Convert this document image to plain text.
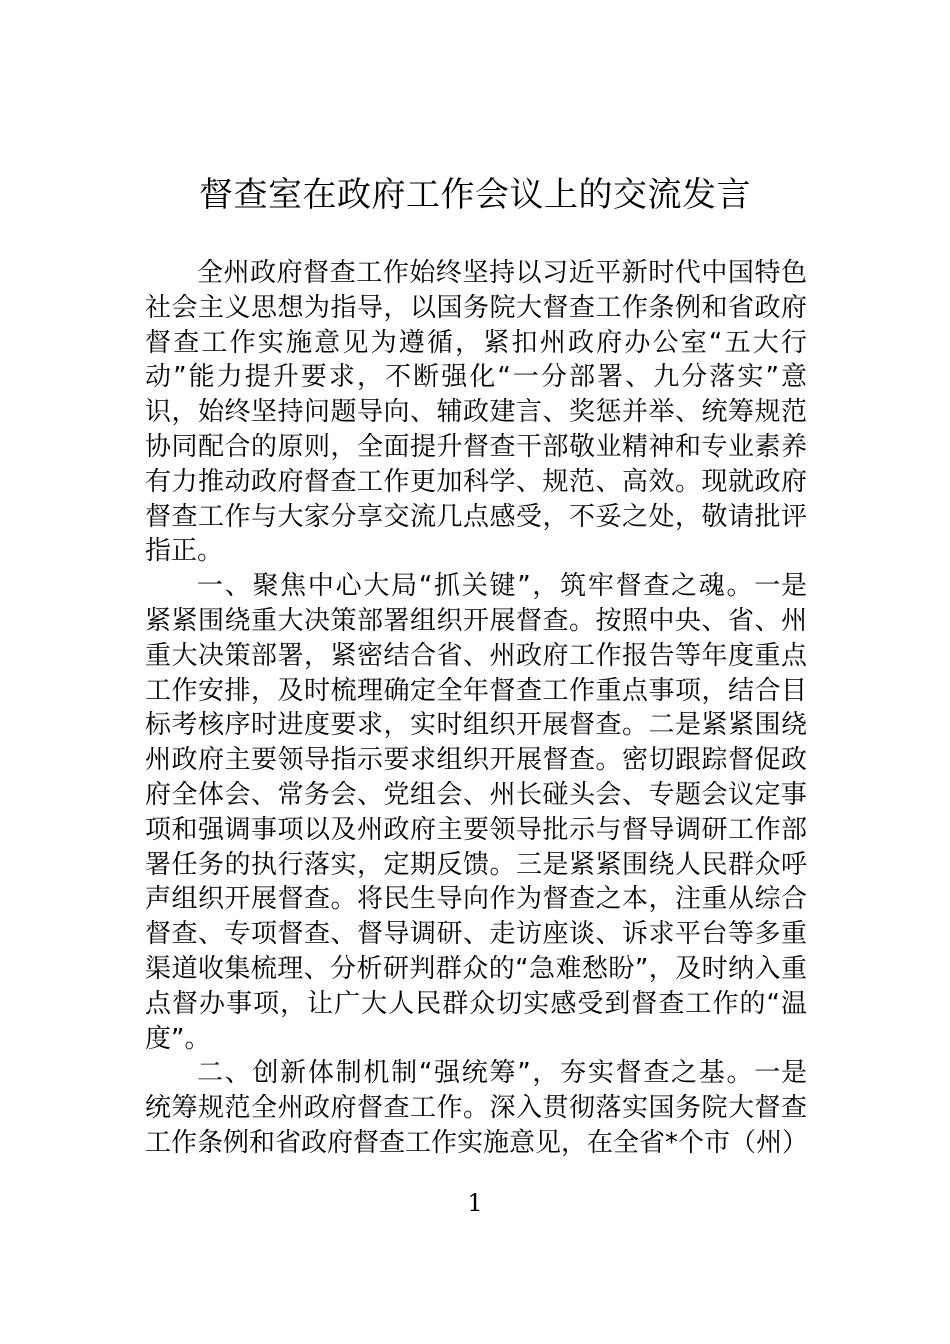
督查室在政府工作会议上的交流发言

全州政府督查工作始终坚持以习近平新时代中国特色社会主义思想为指导，以国务院大督查工作条例和省政府督查工作实施意见为遵循，紧扣州政府办公室“五大行动”能力提升要求，不断强化“一分部署、九分落实”意识，始终坚持问题导向、辅政建言、奖惩并举、统筹规范协同配合的原则，全面提升督查干部敬业精神和专业素养有力推动政府督查工作更加科学、规范、高效。现就政府督查工作与大家分享交流几点感受，不妥之处，敬请批评指正。

一、聚焦中心大局“抓关键”，筑牢督查之魂。一是紧紧围绕重大决策部署组织开展督查。按照中央、省、州重大决策部署，紧密结合省、州政府工作报告等年度重点工作安排，及时梳理确定全年督查工作重点事项，结合目标考核序时进度要求，实时组织开展督查。二是紧紧围绕州政府主要领导指示要求组织开展督查。密切跟踪督促政府全体会、常务会、党组会、州长碰头会、专题会议定事项和强调事项以及州政府主要领导批示与督导调研工作部署任务的执行落实，定期反馈。三是紧紧围绕人民群众呼声组织开展督查。将民生导向作为督查之本，注重从综合督查、专项督查、督导调研、走访座谈、诉求平台等多重渠道收集梳理、分析研判群众的“急难愁盼”，及时纳入重点督办事项，让广大人民群众切实感受到督查工作的“温度”。

二、创新体制机制“强统筹”，夯实督查之基。一是统筹规范全州政府督查工作。深入贯彻落实国务院大督查工作条例和省政府督查工作实施意见，在全省*个市（州）

1
